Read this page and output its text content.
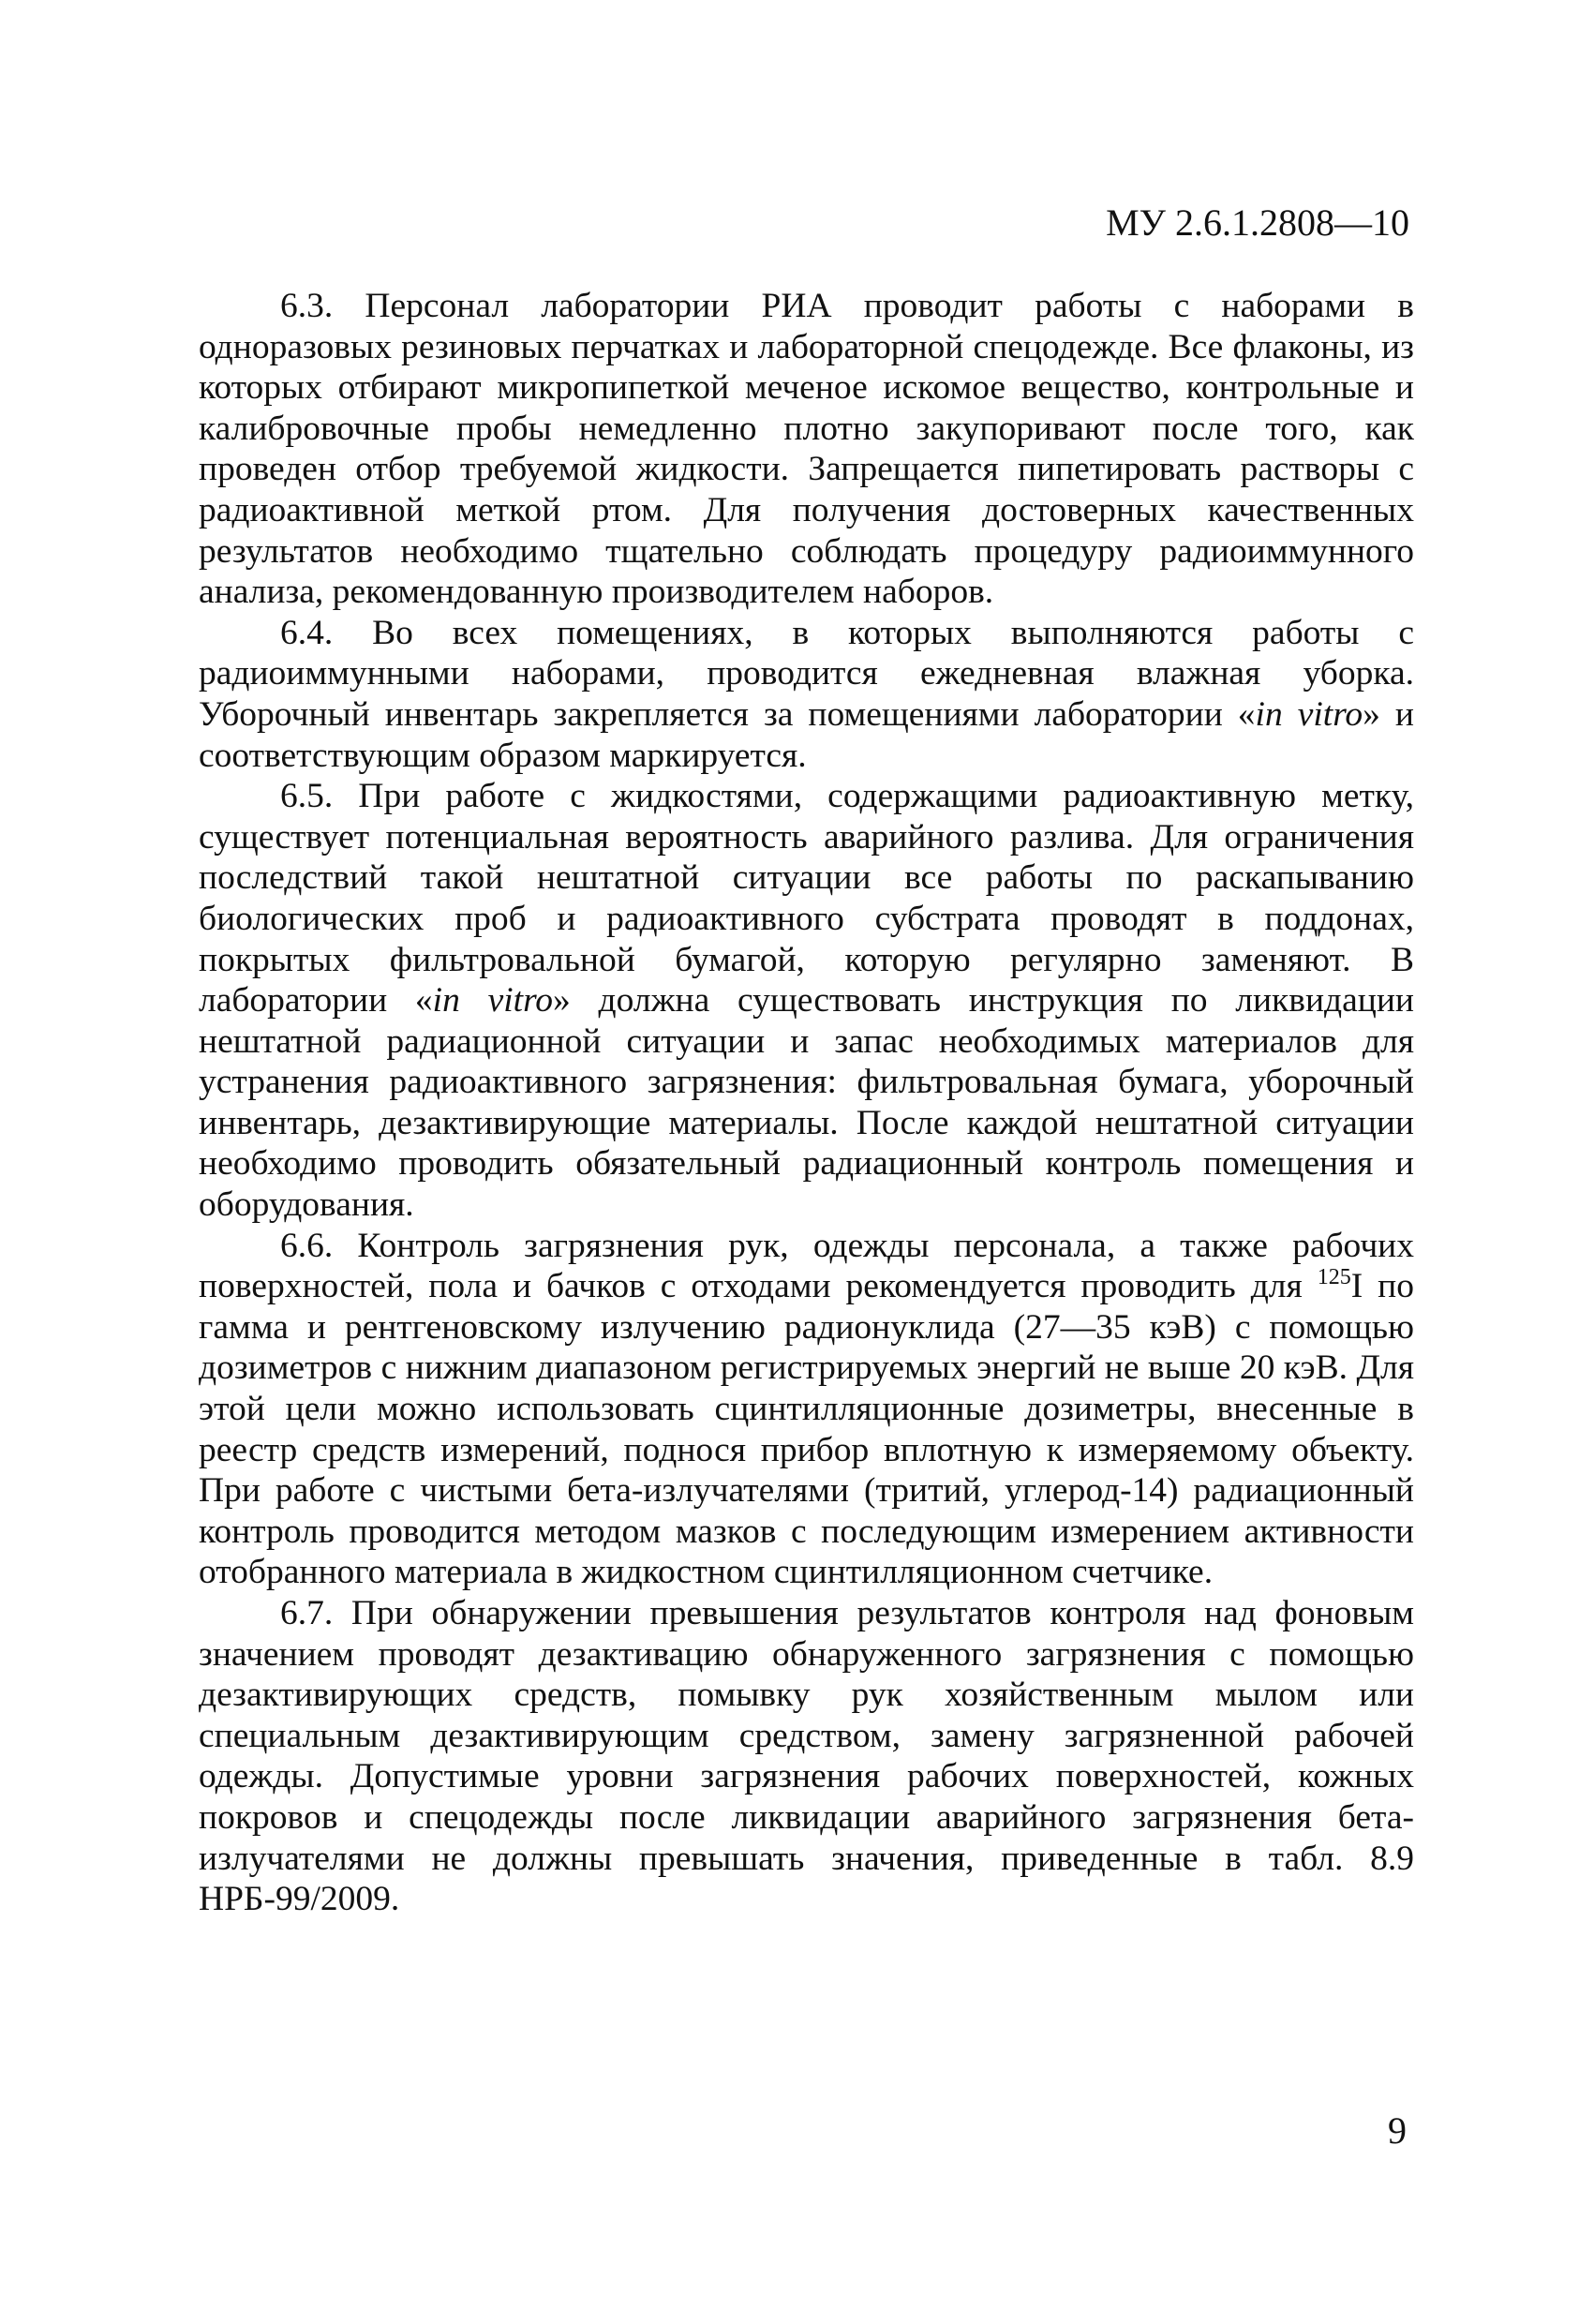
МУ 2.6.1.2808—10

6.3. Персонал лаборатории РИА проводит работы с наборами в одноразовых резиновых перчатках и лабораторной спецодежде. Все флаконы, из которых отбирают микропипеткой меченое искомое вещество, контрольные и калибровочные пробы немедленно плотно закупоривают после того, как проведен отбор требуемой жидкости. Запрещается пипетировать растворы с радиоактивной меткой ртом. Для получения достоверных качественных результатов необходимо тщательно соблюдать процедуру радиоиммунного анализа, рекомендованную производителем наборов.

6.4. Во всех помещениях, в которых выполняются работы с радиоиммунными наборами, проводится ежедневная влажная уборка. Уборочный инвентарь закрепляется за помещениями лаборатории «in vitro» и соответствующим образом маркируется.

6.5. При работе с жидкостями, содержащими радиоактивную метку, существует потенциальная вероятность аварийного разлива. Для ограничения последствий такой нештатной ситуации все работы по раскапыванию биологических проб и радиоактивного субстрата проводят в поддонах, покрытых фильтровальной бумагой, которую регулярно заменяют. В лаборатории «in vitro» должна существовать инструкция по ликвидации нештатной радиационной ситуации и запас необходимых материалов для устранения радиоактивного загрязнения: фильтровальная бумага, уборочный инвентарь, дезактивирующие материалы. После каждой нештатной ситуации необходимо проводить обязательный радиационный контроль помещения и оборудования.

6.6. Контроль загрязнения рук, одежды персонала, а также рабочих поверхностей, пола и бачков с отходами рекомендуется проводить для $^{125}$I по гамма и рентгеновскому излучению радионуклида (27—35 кэВ) с помощью дозиметров с нижним диапазоном регистрируемых энергий не выше 20 кэВ. Для этой цели можно использовать сцинтилляционные дозиметры, внесенные в реестр средств измерений, поднося прибор вплотную к измеряемому объекту. При работе с чистыми бета-излучателями (тритий, углерод-14) радиационный контроль проводится методом мазков с последующим измерением активности отобранного материала в жидкостном сцинтилляционном счетчике.

6.7. При обнаружении превышения результатов контроля над фоновым значением проводят дезактивацию обнаруженного загрязнения с помощью дезактивирующих средств, помывку рук хозяйственным мылом или специальным дезактивирующим средством, замену загрязненной рабочей одежды. Допустимые уровни загрязнения рабочих поверхностей, кожных покровов и спецодежды после ликвидации аварийного загрязнения бета-излучателями не должны превышать значения, приведенные в табл. 8.9 НРБ-99/2009.

9
